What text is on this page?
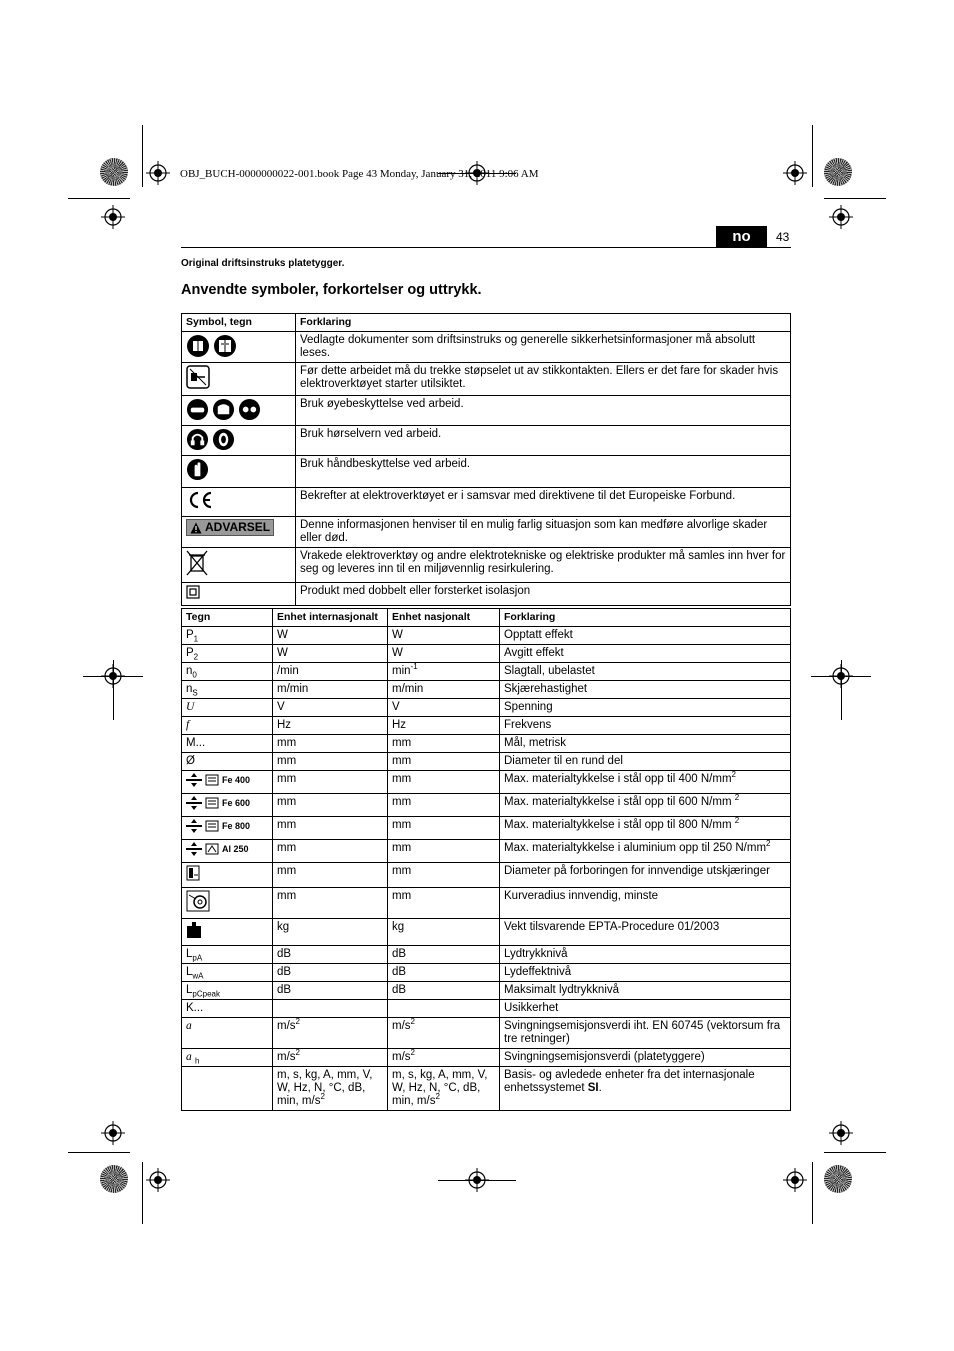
OBJ_BUCH-0000000022-001.book Page 43 Monday, January 31, 2011 9:06 AM
no	43
Original driftsinstruks platetygger.
Anvendte symboler, forkortelser og uttrykk.
Symbol, tegn	Forklaring

	Vedlagte dokumenter som driftsinstruks og generelle sikkerhetsinformasjoner må absolutt leses.
	Før dette arbeidet må du trekke støpselet ut av stikkontakten. Ellers er det fare for skader hvis elektroverktøyet starter utilsiktet.

	Bruk øyebeskyttelse ved arbeid.

	Bruk hørselvern ved arbeid.
	Bruk håndbeskyttelse ved arbeid.
	Bekrefter at elektroverktøyet er i samsvar med direktivene til det Europeiske Forbund.

ADVARSEL	Denne informasjonen henviser til en mulig farlig situasjon som kan medføre alvorlige skader eller død.
	Vrakede elektroverktøy og andre elektrotekniske og elektriske produkter må samles inn hver for seg og leveres inn til en miljøvennlig resirkulering.
	Produkt med dobbelt eller forsterket isolasjon
Tegn	Enhet internasjonalt	Enhet nasjonalt	Forklaring
$P_1$	W	W	Opptatt effekt
$P_2$	W	W	Avgitt effekt
$n_0$	/min	$\min^{-1}$	Slagtall, ubelastet
$n_S$	m/min	m/min	Skjærehastighet
U	V	V	Spenning
f	Hz	Hz	Frekvens
M...	mm	mm	Mål, metrisk
Ø	mm	mm	Diameter til en rund del

Fe 400	mm	mm	Max. materialtykkelse i stål opp til 400 $N/mm^2$

Fe 600	mm	mm	Max. materialtykkelse i stål opp til 600 N/mm $^2$

Fe 800	mm	mm	Max. materialtykkelse i stål opp til 800 N/mm $^2$

Al 250	mm	mm	Max. materialtykkelse i aluminium opp til 250 $N/mm^2$
	mm	mm	Diameter på forboringen for innvendige utskjæringer
	mm	mm	Kurveradius innvendig, minste
	kg	kg	Vekt tilsvarende EPTA-Procedure 01/2003
$L_{pA}$	dB	dB	Lydtrykknivå
$L_{wA}$	dB	dB	Lydeffektnivå
$L_{pCpeak}$	dB	dB	Maksimalt lydtrykknivå
K...			Usikkerhet
a	$m/s^2$	$m/s^2$	Svingningsemisjonsverdi iht. EN 60745 (vektorsum fra tre retninger)
a $_h$	$m/s^2$	$m/s^2$	Svingningsemisjonsverdi (platetyggere)
	m, s, kg, A, mm, V, W, Hz, N, °C, dB, min, $m/s^2$	m, s, kg, A, mm, V, W, Hz, N, °C, dB, min, $m/s^2$	Basis- og avledede enheter fra det internasjonale enhetssystemet SI.
